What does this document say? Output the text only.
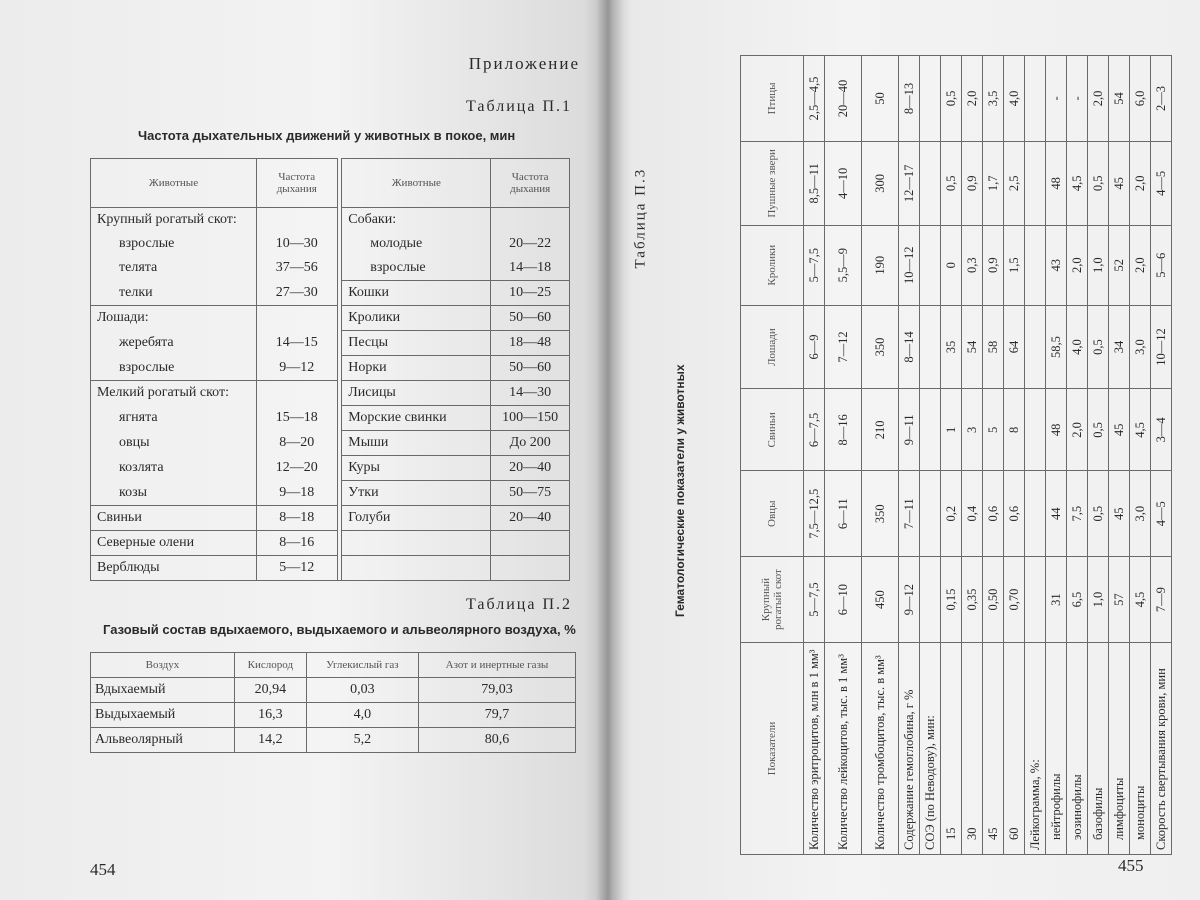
Приложение
Таблица П.1
Частота дыхательных движений у животных в покое, мин
Животные	Частота дыхания		Животные	Частота дыхания
Крупный рогатый скот:			Собаки:	
взрослые	10—30		молодые	20—22
телята	37—56		взрослые	14—18
телки	27—30		Кошки	10—25
Лошади:			Кролики	50—60
жеребята	14—15		Песцы	18—48
взрослые	9—12		Норки	50—60
Мелкий рогатый скот:			Лисицы	14—30
ягнята	15—18		Морские свинки	100—150
овцы	8—20		Мыши	До 200
козлята	12—20		Куры	20—40
козы	9—18		Утки	50—75
Свиньи	8—18		Голуби	20—40
Северные олени	8—16			
Верблюды	5—12			
Таблица П.2
Газовый состав вдыхаемого, выдыхаемого и альвеолярного воздуха, %
Воздух	Кислород	Углекислый газ	Азот и инертные газы
Вдыхаемый	20,94	0,03	79,03
Выдыхаемый	16,3	4,0	79,7
Альвеолярный	14,2	5,2	80,6
454	455
Таблица П.3
Гематологические показатели у животных
Показатели	Крупный рогатый скот	Овцы	Свиньи	Лошади	Кролики	Пушные звери	Птицы
Количество эритроцитов, млн в 1 мм³	5—7,5	7,5—12,5	6—7,5	6—9	5—7,5	8,5—11	2,5—4,5
Количество лейкоцитов, тыс. в 1 мм³	6—10	6—11	8—16	7—12	5,5—9	4—10	20—40
Количество тромбоцитов, тыс. в мм³	450	350	210	350	190	300	50
Содержание гемоглобина, г %	9—12	7—11	9—11	8—14	10—12	12—17	8—13
СОЭ (по Неводову), мин:							
15	0,15	0,2	1	35	0	0,5	0,5
30	0,35	0,4	3	54	0,3	0,9	2,0
45	0,50	0,6	5	58	0,9	1,7	3,5
60	0,70	0,6	8	64	1,5	2,5	4,0
Лейкограмма, %:							
нейтрофилы	31	44	48	58,5	43	48	-
эозинофилы	6,5	7,5	2,0	4,0	2,0	4,5	-
базофилы	1,0	0,5	0,5	0,5	1,0	0,5	2,0
лимфоциты	57	45	45	34	52	45	54
моноциты	4,5	3,0	4,5	3,0	2,0	2,0	6,0
Скорость свертывания крови, мин	7—9	4—5	3—4	10—12	5—6	4—5	2—3
